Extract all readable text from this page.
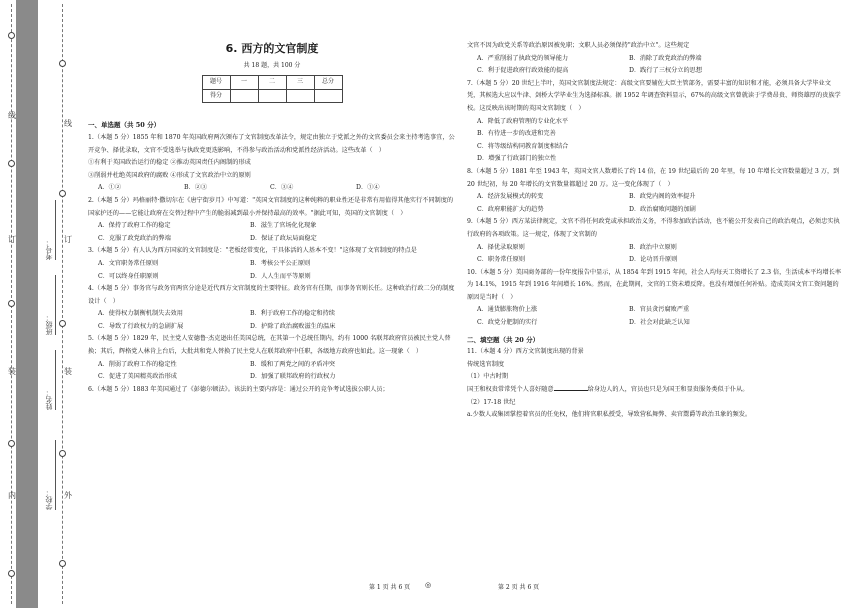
线
订
装
内
线
订
装
外
学校：
姓名：
班级：
考号：
6. 西方的文官制度
共 18 题，共 100 分
题号	一	二	三	总分
得分				
一、单选题（共 50 分）

1.（本题 5 分）1855 年和 1870 年英国政府两次颁布了文官制度改革法令，规定由独立于党派之外的文官委员会来主持考选事宜，公开竞争、择优录取，文官不受选举与执政党更迭影响，不得参与政治活动和党派性经济活动。这些改革（　）

①有利于英国政治运行的稳定 ②推动英国责任内阁制的形成

③削弱并杜绝英国政府的腐败 ④形成了文官政治中立的原则

A．①②	B．②③	C．③④	D．①④

2.（本题 5 分）玛格丽特·撒切尔在《唐宁街岁月》中写道："英国文官制度的这种纯粹的职业性还是非常有用值得其他实行不同制度的国家护还的——它能让政府在交替过程中产生的脆弱减到最小并保持最高的效率。"据此可知，英国的文官制度（　）

A．保持了政府工作的稳定	B．滋生了官场化化现象
C．克服了政党政治的弊端	D．保证了政坛局面稳定

3.（本题 5 分）有人认为西方国家的文官制度是："老板经常变化，干具体活的人基本不变！"这体现了文官制度的特点是

A．文官职务常任原则	B．考核公平公正原则
C．可以终身任职原则	D．人人生而平等原则

4.（本题 5 分）事务官与政务官两官分途是近代西方文官制度的主要特征。政务官有任期，而事务官则长任。这种政治行政二分的制度设计（　）

A．使得权力制衡机制失去效用	B．利于政府工作的稳定和持续
C．导致了行政权力的急剧扩展	D．护除了政治腐败滋生的温床

5.（本题 5 分）1829 年，民主党人安德鲁·杰克逊出任美国总统，在其第一个总统任期内，约有 1000 名联邦政府官员被民主党人替换；其后，辉格党人林肯上台后，大批共和党人替换了民主党人在联邦政府中任职，各级地方政府也如此。这一现象（　）

A．削弱了政府工作的稳定性	B．缓和了两党之间的矛盾冲突
C．促进了美国精英政治形成	D．加强了联邦政府的行政权力

6.（本题 5 分）1883 年美国通过了《彭德尔顿法》。该法的主要内容是：通过公开的竞争考试选拔公职人员；

文官不因为政党关系等政治原因被免职；文职人员必须保持"政治中立"。这些规定

A．严重削弱了执政党的领导能力	B．消除了政党政治的弊端
C．利于促进政府行政效能的提高	D．践行了三权分立的思想

7.（本题 5 分）20 世纪上半叶，英国文官制度法规定：高级文官要辅佐大臣主管部务，需要丰富的知识和才能，必须具备大学毕业文凭，其候选大应以牛津、剑桥大学毕业生为选择标准。据 1952 年调查资料显示，67%的高级文官曾就读于学费昂贵、师资雄厚的贵族学校。这反映出该时期的英国文官制度（　）

A．降低了政府管理的专业化水平
B．有待进一步的改进和完善
C．将等级结构同教育制度相结合
D．增强了行政部门的独立性

8.（本题 5 分）1881 年至 1943 年，英国文官人数增长了约 14 倍，在 19 世纪最后的 20 年里，每 10 年增长文官数量超过 3 万，到 20 世纪初，每 20 年增长的文官数量都超过 20 万。这一变化体现了（　）

A．经济发展模式的转变	B．政党内阁的效率提升
C．政府职能扩大的趋势	D．政治腐败问题的加剧

9.（本题 5 分）西方某法律规定，文官不得任何政党或承担政治义务，不得参加政治活动，也不能公开发表自己的政治观点，必须忠实执行政府的各项政策。这一规定，体现了文官制的

A．择优录取原则	B．政治中立原则
C．职务常任原则	D．论功晋升原则

10.（本题 5 分）美国商务部的一份年度报告中显示，从 1854 年到 1915 年间，社会人均每天工资增长了 2.3 倍，生活成本平均增长率为 14.1%，1915 年到 1916 年间增长 16%。然而，在此期间，文官的工资未增反降。也没有增加任何补贴。造成美国文官工资问题的原因是当时（　）

A．通货膨胀物价上涨	B．官员贪污腐败严重
C．政党分肥制的实行	D．社会对此缺乏认知
二、填空题（共 20 分）

11.（本题 4 分）西方文官制度出现的背景

传统选官制度

（1）中古时期

国王和权贵常常凭个人喜好随意	给身边人的人，官员也只是为国王和显贵服务类似于仆从。

（2）17-18 世纪

a.少数人或集团掌控着官员的任免权，他们将官职私授受，导致营私舞弊、卖官鬻爵等政治丑象的频发。

第 1 页 共 6 页 ◎	第 2 页 共 6 页
